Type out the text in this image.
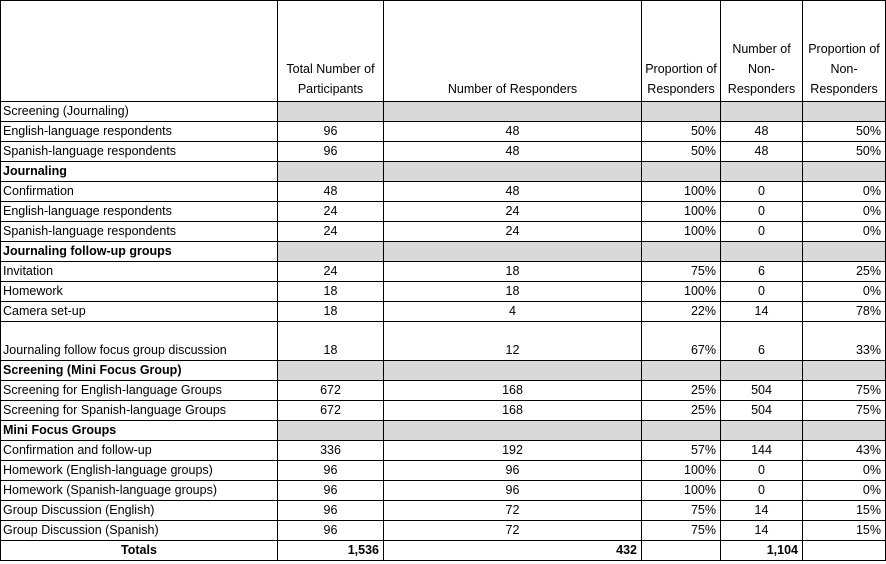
	Total Number of Participants	Number of Responders	Proportion of Responders	Number of Non-Responders	Proportion of Non-Responders
Screening (Journaling)					
English-language respondents	96	48	50%	48	50%
Spanish-language respondents	96	48	50%	48	50%
Journaling					
Confirmation	48	48	100%	0	0%
English-language respondents	24	24	100%	0	0%
Spanish-language respondents	24	24	100%	0	0%
Journaling follow-up groups					
Invitation	24	18	75%	6	25%
Homework	18	18	100%	0	0%
Camera set-up	18	4	22%	14	78%
Journaling follow focus group discussion	18	12	67%	6	33%
Screening (Mini Focus Group)					
Screening for English-language Groups	672	168	25%	504	75%
Screening for Spanish-language Groups	672	168	25%	504	75%
Mini Focus Groups					
Confirmation and follow-up	336	192	57%	144	43%
Homework (English-language groups)	96	96	100%	0	0%
Homework (Spanish-language groups)	96	96	100%	0	0%
Group Discussion (English)	96	72	75%	14	15%
Group Discussion (Spanish)	96	72	75%	14	15%
Totals	1,536	432		1,104	
